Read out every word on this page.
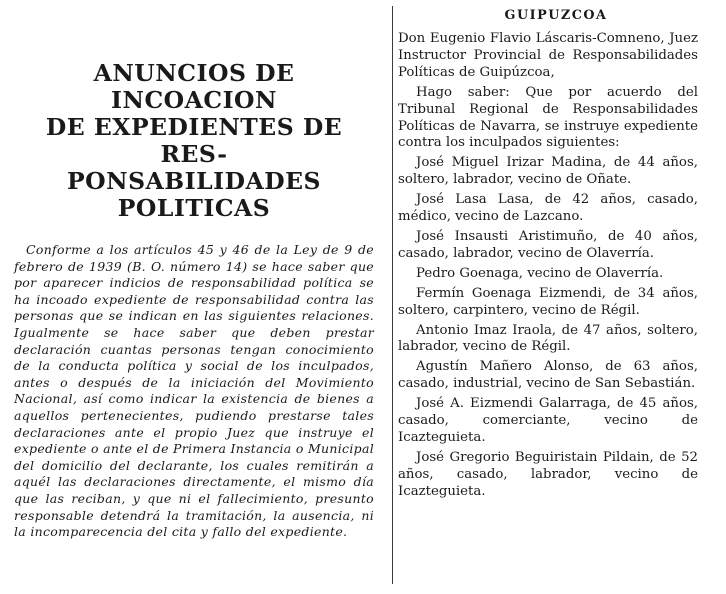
ANUNCIOS DE INCOACION
DE EXPEDIENTES DE RES-
PONSABILIDADES
POLITICAS

Conforme a los artículos 45 y 46 de la Ley de 9 de febrero de 1939 (B. O. número 14) se hace saber que por aparecer indicios de responsabilidad política se ha incoado expediente de responsabilidad contra las personas que se indican en las siguientes relaciones. Igualmente se hace saber que deben prestar declaración cuantas personas tengan conocimiento de la conducta política y social de los inculpados, antes o después de la iniciación del Movimiento Nacional, así como indicar la existencia de bienes a aquellos pertenecientes, pudiendo prestarse tales declaraciones ante el propio Juez que instruye el expediente o ante el de Primera Instancia o Municipal del domicilio del declarante, los cuales remitirán a aquél las declaraciones directamente, el mismo día que las reciban, y que ni el fallecimiento, presunto responsable detendrá la tramitación, la ausencia, ni la incomparecencia del cita y fallo del expediente.

GUIPUZCOA

Don Eugenio Flavio Láscaris-Comneno, Juez Instructor Provincial de Responsabilidades Políticas de Guipúzcoa,

Hago saber: Que por acuerdo del Tribunal Regional de Responsabilidades Políticas de Navarra, se instruye expediente contra los inculpados siguientes:

José Miguel Irizar Madina, de 44 años, soltero, labrador, vecino de Oñate.

José Lasa Lasa, de 42 años, casado, médico, vecino de Lazcano.

José Insausti Aristimuño, de 40 años, casado, labrador, vecino de Olaverría.

Pedro Goenaga, vecino de Olaverría.

Fermín Goenaga Eizmendi, de 34 años, soltero, carpintero, vecino de Régil.

Antonio Imaz Iraola, de 47 años, soltero, labrador, vecino de Régil.

Agustín Mañero Alonso, de 63 años, casado, industrial, vecino de San Sebastián.

José A. Eizmendi Galarraga, de 45 años, casado, comerciante, vecino de Icazteguieta.

José Gregorio Beguiristain Pildain, de 52 años, casado, labrador, vecino de Icazteguieta.
